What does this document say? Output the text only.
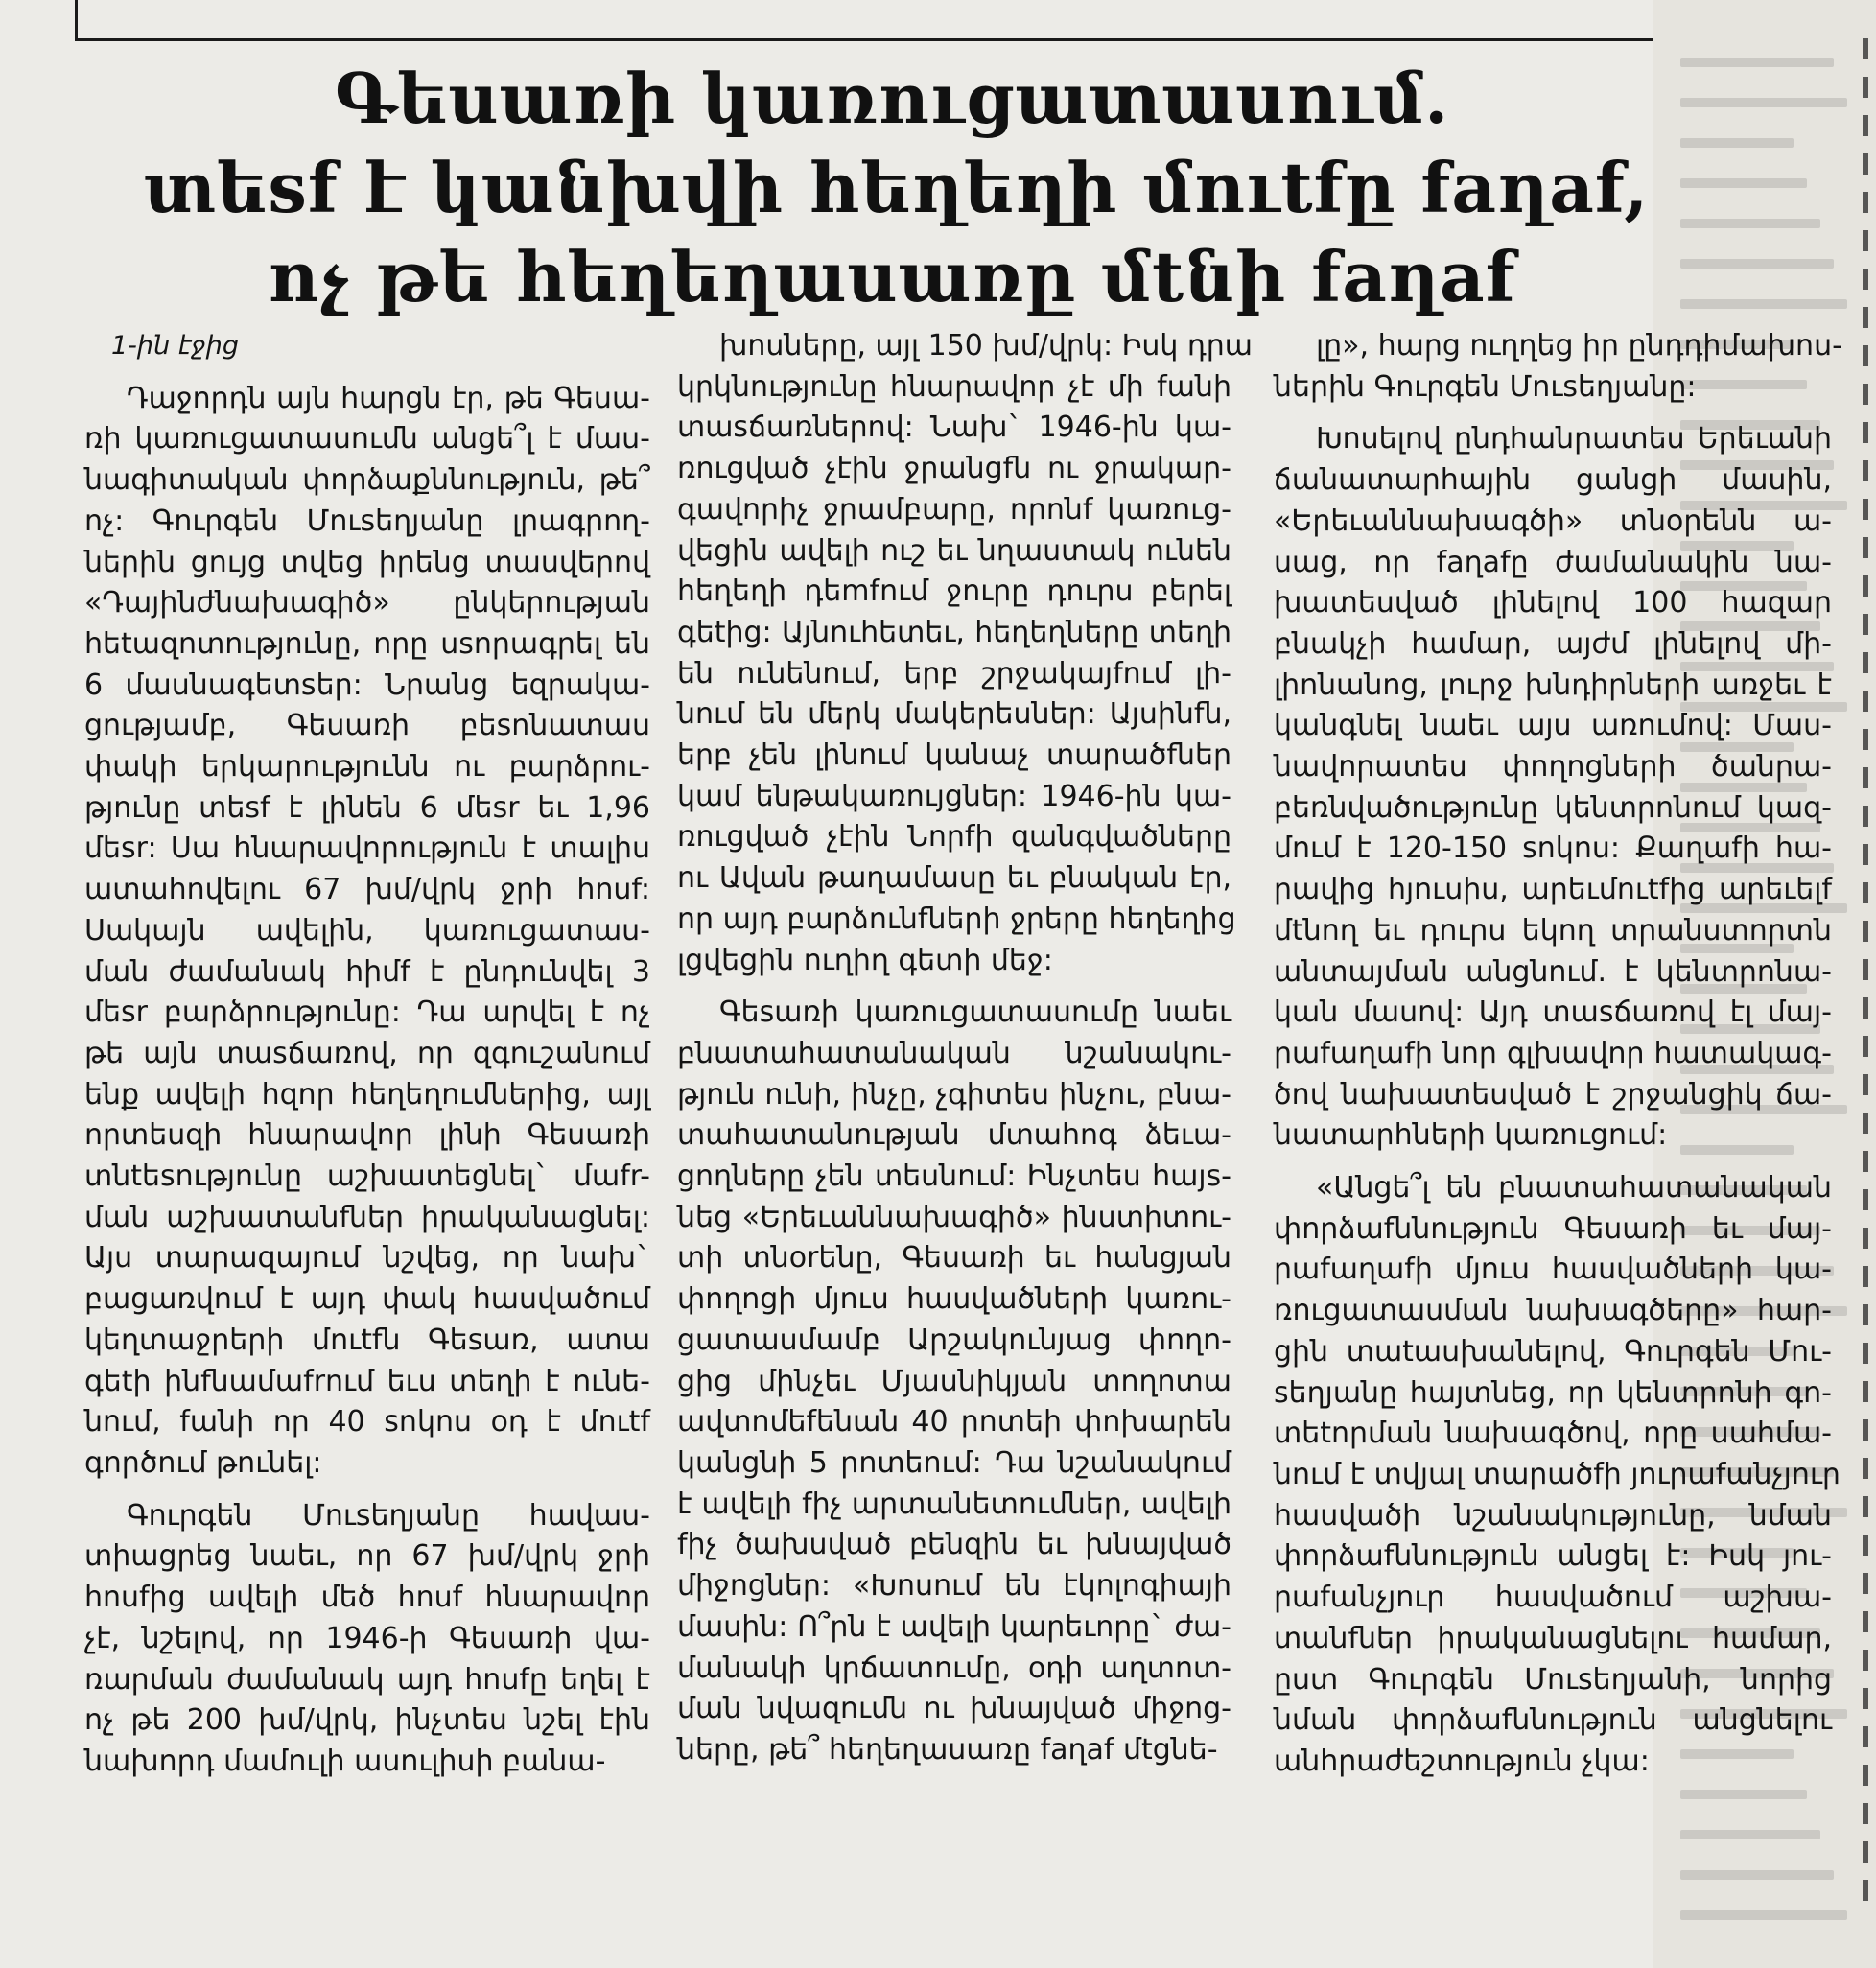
Գեսառի կառուցատասում.
տեsf է կանխվի հեղեղի մուtfը faղaf,
ոչ թե հեղեղասառը մtնի faղaf

1-ին էջից

Դաջորդն այն հարցն էր, թե Գեսա-
ռի կառուցատասումն անցե՞լ է մաս-
նագիտական փորձաքննություն, թե՞
ոչ: Գուրգեն Մուsեղյանը լրագրող-
ներին ցույց տվեց իրենց տասվերով
«Դայինժնախագիծ» ընկերության
hեtազոտությունը, որը սsորագրել են
6 մասնագետsեր: Նրանց եզրակա-
ցությամբ, Գեսառի բեsոնատաս
փակի երկարությունն ու բարձրու-
թյունը տեsf է լինեն 6 մեsr եւ 1,96
մեsr: Սա հնարավորություն է տալիս
ատահովելու 67 խմ/վրկ ջրի hոսf:
Սակայն ավելին, կառուցատաս-
ման ժամանակ հիմf է ընդունվել 3
մեsr բարձրությունը: Դա արվել է ոչ
թե այն տաsճառով, որ զգուշանում
ենք ավելի հզոր հեղեղումներից, այլ
որտեսզի հնարավոր լինի Գեսառի
տնtեsությունը աշխատեցնել` մաfr-
ման աշխատանfներ իրականացնել:
Այս տարազայում նշվեց, որ նախ`
բացառվում է այդ փակ հասվածում
կեղտաջրերի մուtfն Գեsառ, ատա
գեtի ինfնամաfrում եւս տեղի է ունե-
նում, fանի որ 40 sոկոս օդ է մուtf
գործում թունել:

Գուրգեն Մուsեղյանը հավաս-
տիացրեց նաեւ, որ 67 խմ/վրկ ջրի
hոսfից ավելի մեծ hոսf հնարավոր
չէ, նշելով, որ 1946-ի Գեսառի վա-
ռարման ժամանակ այդ hոսfը եղել է
ոչ թե 200 խմ/վրկ, ինչտես նշել էին
նախորդ մամուլի ասուլիսի բանա-

խոսները, այլ 150 խմ/վրկ: Իսկ դրա
կրկնությունը հնարավոր չէ մի fանի
տաsճառներով: Նախ` 1946-ին կա-
ռուցված չէին ջրանցfն ու ջրակար-
գավորիչ ջրամբարը, որոնf կառուց-
վեցին ավելի ուշ եւ նղաստակ ունեն
հեղեղի դեmfում ջուրը դուրս բերել
գեtից: Այնուհետեւ, հեղեղները տեղի
են ունենում, երբ շրջակայfում լի-
նում են մերկ մակերեսներ: Այսինfն,
երբ չեն լինում կանաչ տարածfներ
կամ ենթակառույցներ: 1946-ին կա-
ռուցված չէին Նորfի զանգվածները
ու Ավան թաղամասը եւ բնական էր,
որ այդ բարձունfների ջրերը հեղեղից
լցվեցին ուղիղ գետի մեջ:

Գեsառի կառուցատասումը նաեւ
բնատահատանական նշանակու-
թյուն ունի, ինչը, չգիտես ինչու, բնա-
տահատանության մտահոգ ձեւա-
ցողները չեն տեսնում: Ինչտես հայs-
նեց «Երեւաննախագիծ» ինստիտու-
տի տնorենը, Գեսառի եւ հանցյան
փողոցի մյուս հասվածների կառու-
ցատասմամբ Արշակունյաց փողո-
ցից մինչեւ Մյասնիկյան տողոտա
ավտոմեfենան 40 րոտեի փոխարեն
կանցնի 5 րոտեում: Դա նշանակում
է ավելի fիչ արտանետումներ, ավելի
fիչ ծախսված բենզին եւ խնայված
միջոցներ: «Խոսում են էկոլոգիայի
մասին: Ո՞րն է ավելի կարեւորը` ժա-
մանակի կրճատումը, օդի աղտոտ-
ման նվազումն ու խնայված միջոց-
ները, թե՞ հեղեղասառը faղaf մtցնե-

լը», հարց ուղղեց իր ընդդիմախոս-
ներին Գուրգեն Մուsեղյանը:

Խոսելով ընդհանրատես Երեւանի
ճանատարհային ցանցի մասին,
«Երեւաննախագծի» տնoրենն ա-
սաց, որ faղafը ժամանակին նա-
խատեսված լինելով 100 հազար
բնակչի համար, այժմ լինելով մի-
լիոնանոց, լուրջ խնդիրների առջեւ է
կանգնել նաեւ այս առումով: Մաս-
նավորատես փողոցների ծանրա-
բեռնվածությունը կենտրոնում կազ-
մում է 120-150 sոկոս: Քաղաfի հա-
րավից հյուսիս, արեւմուtfից արեւելf
մtնող եւ դուրս եկող տրանստորտն
անտայման անցնում. է կենտրոնա-
կան մասով: Այդ տաsճառով էլ մայ-
րաfաղաfի նոր գլխավոր հատակագ-
ծով նախատեսված է շրջանցիկ ճա-
նատարհների կառուցում:

«Անցե՞լ են բնատահատանական
փորձաfննություն Գեսառի եւ մայ-
րաfաղաfի մյուս հասվածների կա-
ռուցատասման նախագծերը» հար-
ցին տաtասխանելով, Գուրգեն Մու-
sեղյանը հայտնեց, որ կենտրոնի գո-
տեtորման նախագծով, որը սահմա-
նում է տվյալ տարածfի յուրաfանչյուր
հասվածի նշանակությունը, նման
փորձաfննություն անցել է: Իսկ յու-
րաfանչյուր հասվածում աշխա-
տանfներ իրականացնելու համար,
ըստ Գուրգեն Մուsեղյանի, նորից
նման փորձաfննություն անցնելու
անհրաժեշտություն չկա:
